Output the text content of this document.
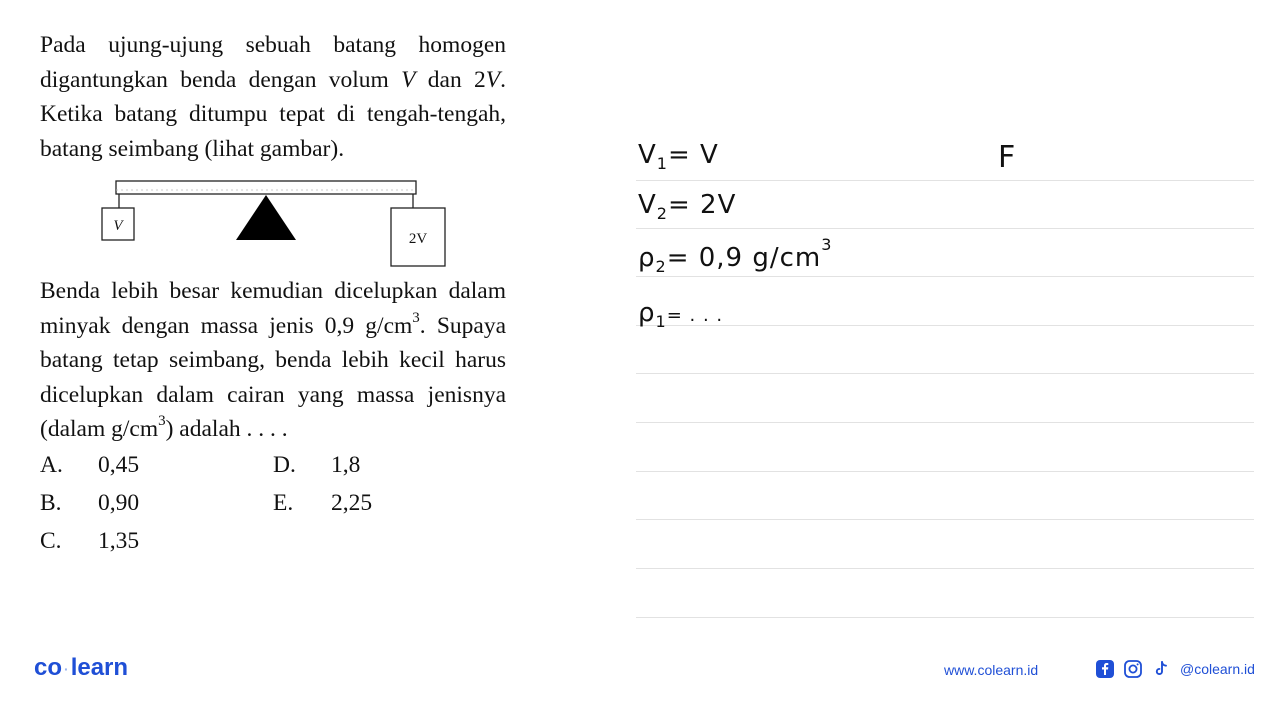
Pada ujung-ujung sebuah batang homogen digantungkan benda dengan volum V dan 2V. Ketika batang ditumpu tepat di tengah-tengah, batang seimbang (lihat gambar).

V
2V

Benda lebih besar kemudian dicelupkan dalam minyak dengan massa jenis 0,9 $g/cm^3$. Supaya batang tetap seimbang, benda lebih kecil harus dicelupkan dalam cairan yang massa jenisnya (dalam $g/cm^3$) adalah . . . .

A.	0,45	D.	1,8
B.	0,90	E.	2,25
C.	1,35
$V_1= V$	F
$V_2= 2V$
$\rho_2= 0,9$ $g/cm^3$
$\rho_1=$ . . .
co ·learn	www.colearn.id	@colearn.id
